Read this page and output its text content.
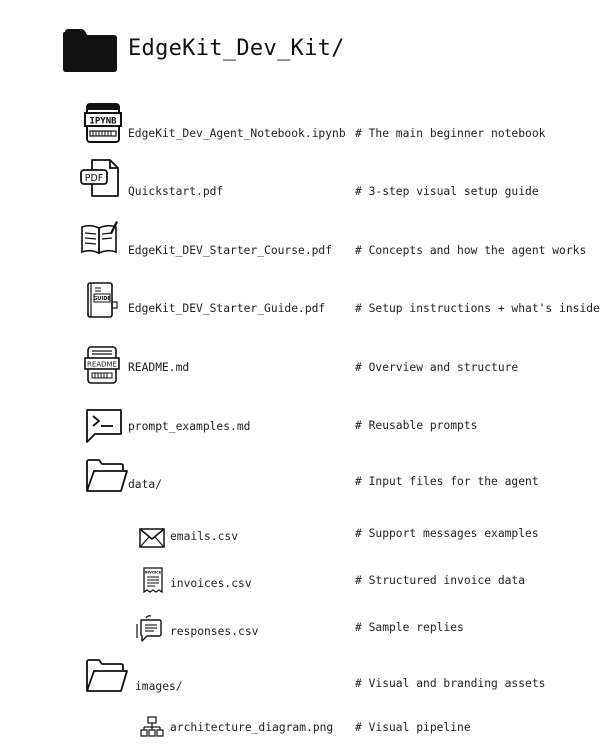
EdgeKit_Dev_Kit/
IPYNB
EdgeKit_Dev_Agent_Notebook.ipynb # The main beginner notebook
PDF
Quickstart.pdf	# 3-step visual setup guide
EdgeKit_DEV_Starter_Course.pdf # Concepts and how the agent works
GUIDE
EdgeKit_DEV_Starter_Guide.pdf	# Setup instructions + what's inside
README README.md	# Overview and structure
prompt_examples.md	# Reusable prompts
data/	# Input files for the agent
emails.csv	# Support messages examples
INVOICE
invoices.csv	# Structured invoice data
responses.csv	# Sample replies
images/	# Visual and branding assets
architecture_diagram.png # Visual pipeline
